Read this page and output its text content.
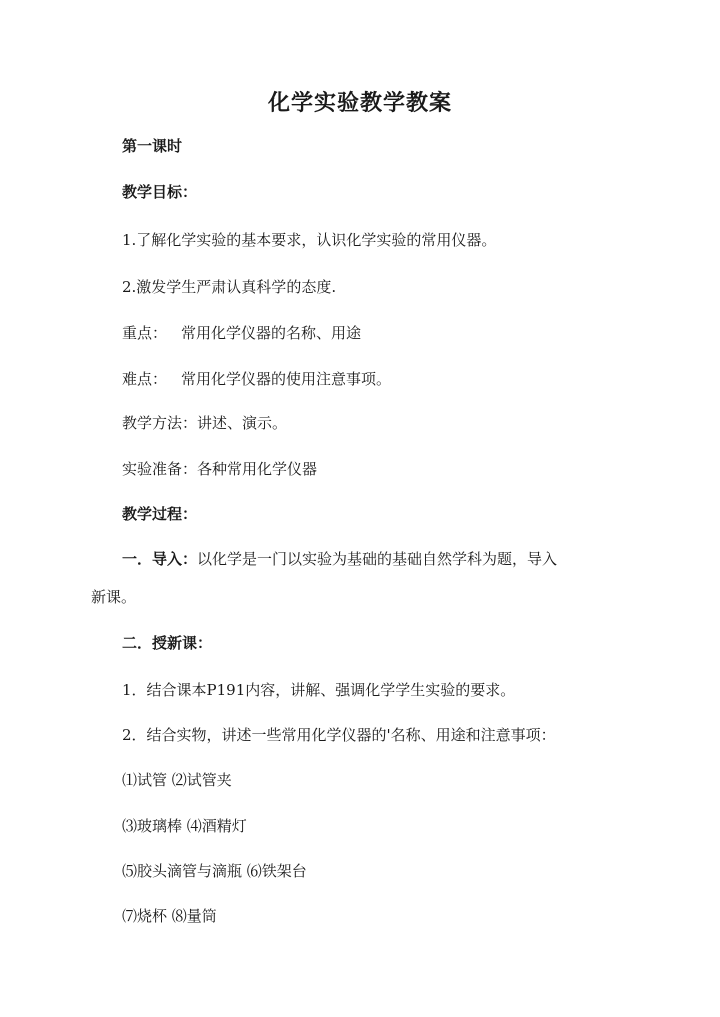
化学实验教学教案

第一课时

教学目标：

1.了解化学实验的基本要求，认识化学实验的常用仪器。

2.激发学生严肃认真科学的态度.

重点： 常用化学仪器的名称、用途

难点： 常用化学仪器的使用注意事项。

教学方法：讲述、演示。

实验准备：各种常用化学仪器

教学过程：

一．导入：以化学是一门以实验为基础的基础自然学科为题，导入

新课。

二．授新课：

1．结合课本P191内容，讲解、强调化学学生实验的要求。

2．结合实物，讲述一些常用化学仪器的'名称、用途和注意事项：

⑴试管 ⑵试管夹

⑶玻璃棒 ⑷酒精灯

⑸胶头滴管与滴瓶 ⑹铁架台

⑺烧杯 ⑻量筒
